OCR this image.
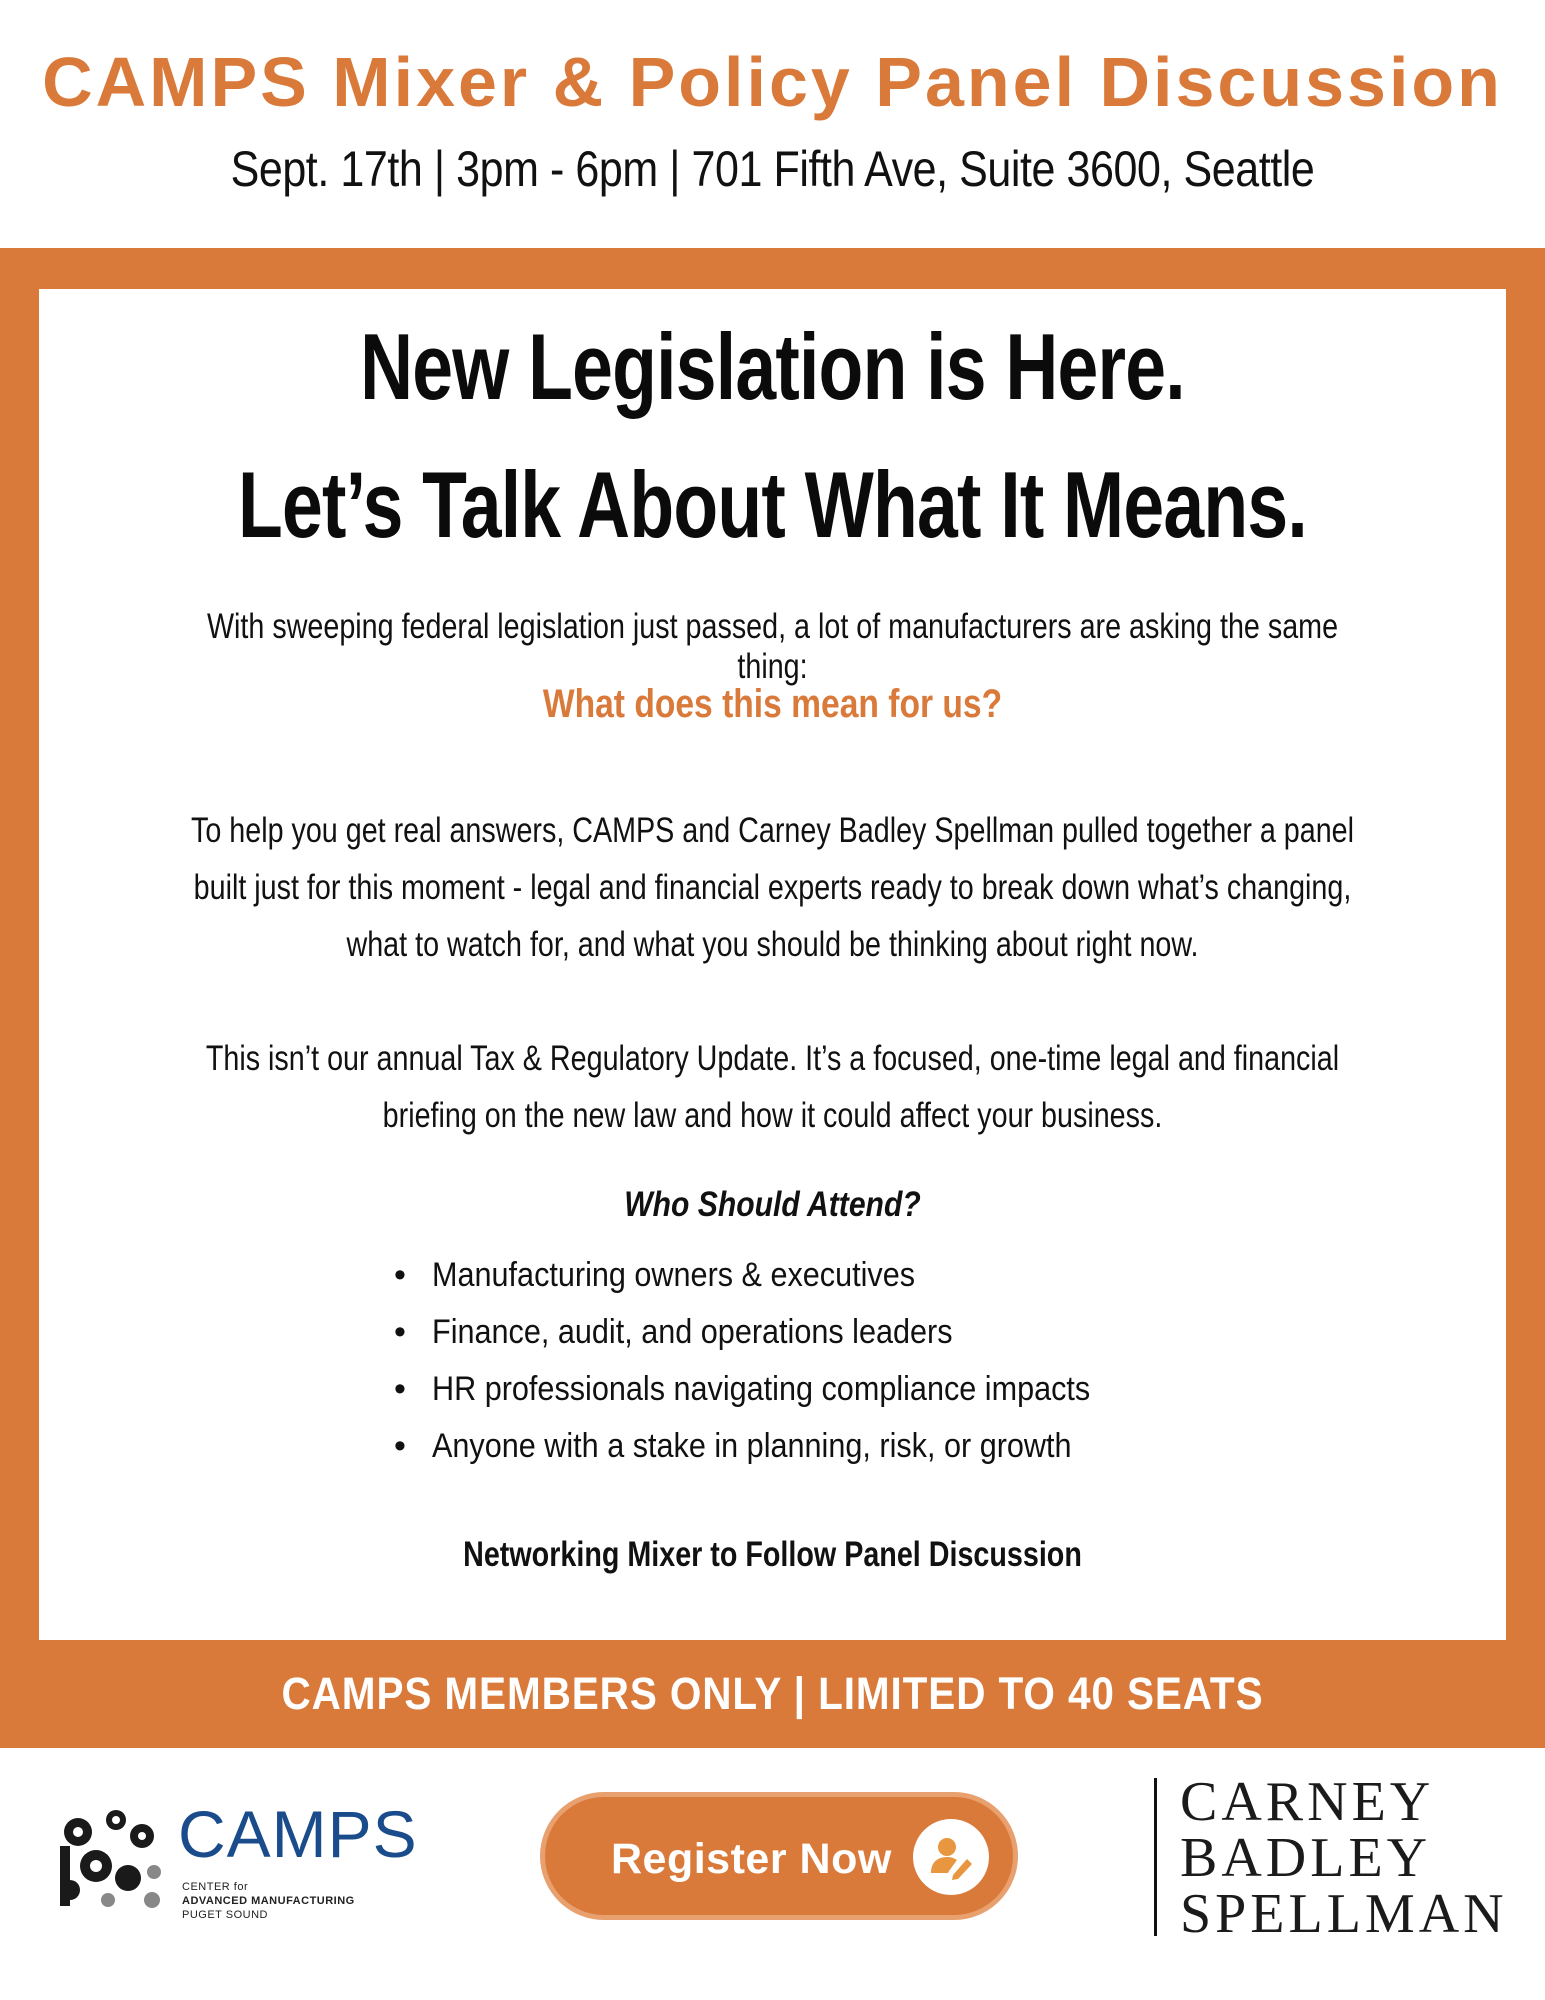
CAMPS Mixer & Policy Panel Discussion
Sept. 17th | 3pm - 6pm | 701 Fifth Ave, Suite 3600, Seattle
New Legislation is Here.
Let’s Talk About What It Means.
With sweeping federal legislation just passed, a lot of manufacturers are asking the same thing:
What does this mean for us?
To help you get real answers, CAMPS and Carney Badley Spellman pulled together a panel
built just for this moment - legal and financial experts ready to break down what’s changing,
what to watch for, and what you should be thinking about right now.
This isn’t our annual Tax & Regulatory Update. It’s a focused, one-time legal and financial
briefing on the new law and how it could affect your business.
Who Should Attend?
• Manufacturing owners & executives
• Finance, audit, and operations leaders
• HR professionals navigating compliance impacts
• Anyone with a stake in planning, risk, or growth
Networking Mixer to Follow Panel Discussion
CAMPS MEMBERS ONLY | LIMITED TO 40 SEATS
CAMPS
CENTER for
ADVANCED MANUFACTURING
PUGET SOUND
Register Now
CARNEY
BADLEY
SPELLMAN
